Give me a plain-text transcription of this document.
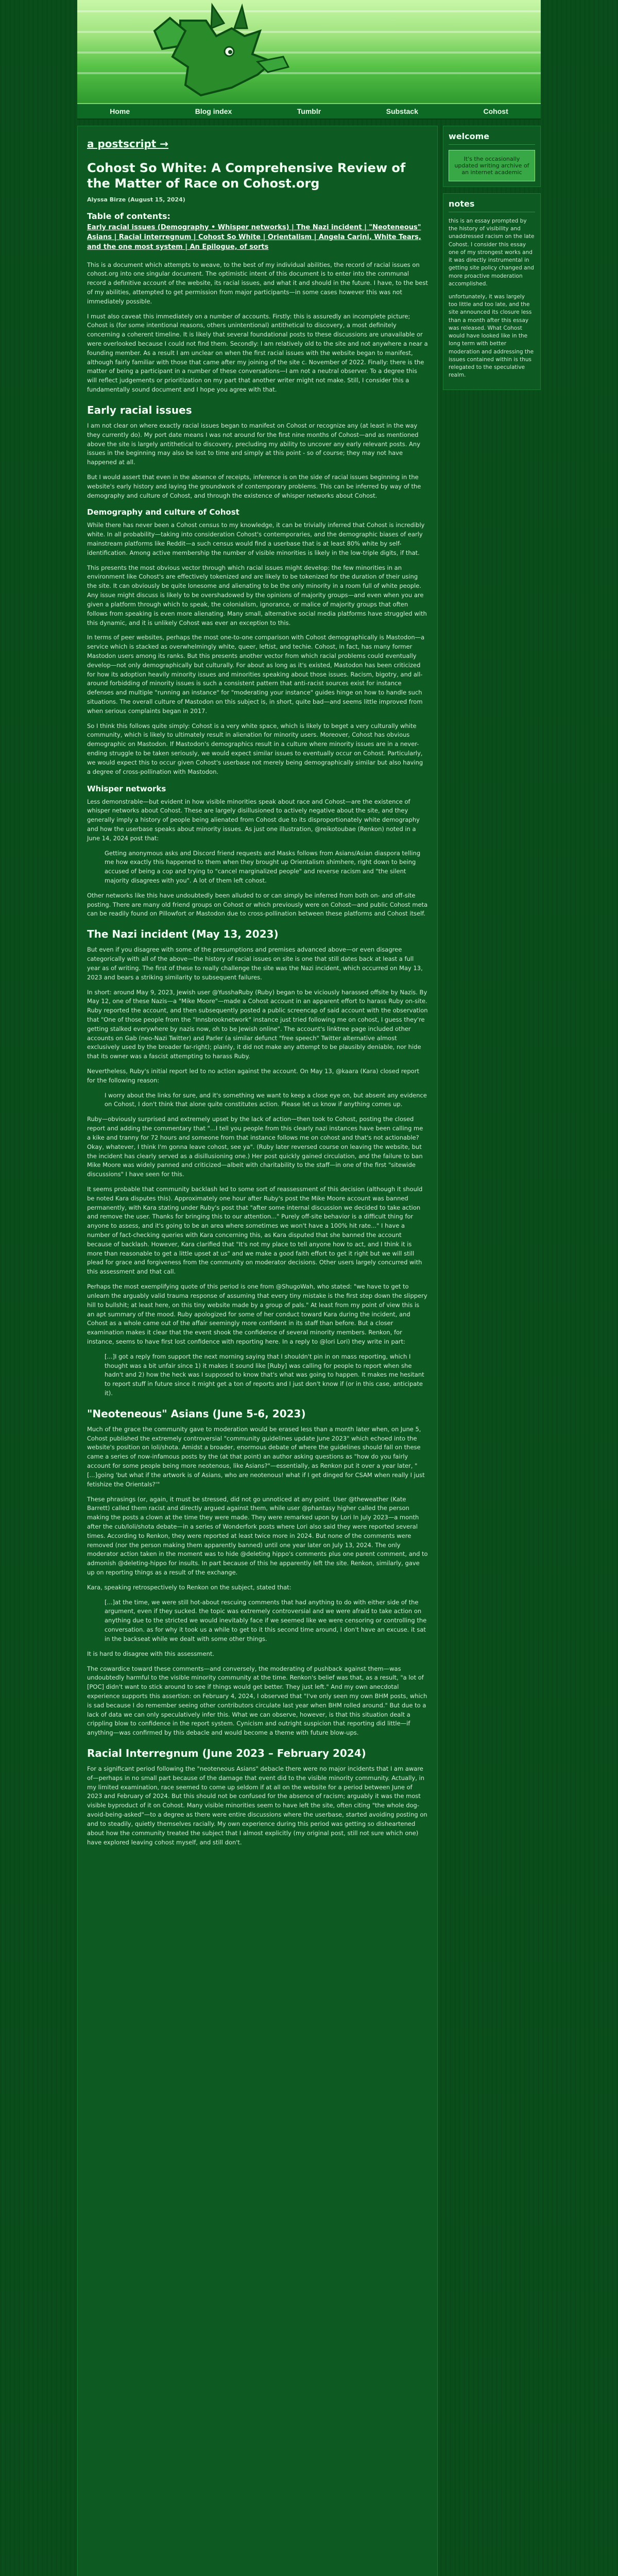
Home	Blog index	Tumblr	Substack	Cohost
a postscript →
Cohost So White: A Comprehensive Review of the Matter of Race on Cohost.org
Alyssa Birze (August 15, 2024)
Table of contents:
Early racial issues (Demography • Whisper networks) | The Nazi incident | "Neoteneous" Asians | Racial interregnum | Cohost So White | Orientalism | Angela Carini, White Tears, and the one most system | An Epilogue, of sorts

This is a document which attempts to weave, to the best of my individual abilities, the record of racial issues on cohost.org into one singular document. The optimistic intent of this document is to enter into the communal record a definitive account of the website, its racial issues, and what it and should in the future. I have, to the best of my abilities, attempted to get permission from major participants—in some cases however this was not immediately possible.

I must also caveat this immediately on a number of accounts. Firstly: this is assuredly an incomplete picture; Cohost is (for some intentional reasons, others unintentional) antithetical to discovery, a most definitely concerning a coherent timeline. It is likely that several foundational posts to these discussions are unavailable or were overlooked because I could not find them. Secondly: I am relatively old to the site and not anywhere a near a founding member. As a result I am unclear on when the first racial issues with the website began to manifest, although fairly familiar with those that came after my joining of the site c. November of 2022. Finally: there is the matter of being a participant in a number of these conversations—I am not a neutral observer. To a degree this will reflect judgements or prioritization on my part that another writer might not make. Still, I consider this a fundamentally sound document and I hope you agree with that.

Early racial issues

I am not clear on where exactly racial issues began to manifest on Cohost or recognize any (at least in the way they currently do). My port date means I was not around for the first nine months of Cohost—and as mentioned above the site is largely antithetical to discovery, precluding my ability to uncover any early relevant posts. Any issues in the beginning may also be lost to time and simply at this point - so of course; they may not have happened at all.

But I would assert that even in the absence of receipts, inference is on the side of racial issues beginning in the website's early history and laying the groundwork of contemporary problems. This can be inferred by way of the demography and culture of Cohost, and through the existence of whisper networks about Cohost.

Demography and culture of Cohost

While there has never been a Cohost census to my knowledge, it can be trivially inferred that Cohost is incredibly white. In all probability—taking into consideration Cohost's contemporaries, and the demographic biases of early mainstream platforms like Reddit—a such census would find a userbase that is at least 80% white by self-identification. Among active membership the number of visible minorities is likely in the low-triple digits, if that.

This presents the most obvious vector through which racial issues might develop: the few minorities in an environment like Cohost's are effectively tokenized and are likely to be tokenized for the duration of their using the site. It can obviously be quite lonesome and alienating to be the only minority in a room full of white people. Any issue might discuss is likely to be overshadowed by the opinions of majority groups—and even when you are given a platform through which to speak, the colonialism, ignorance, or malice of majority groups that often follows from speaking is even more alienating. Many small, alternative social media platforms have struggled with this dynamic, and it is unlikely Cohost was ever an exception to this.

In terms of peer websites, perhaps the most one-to-one comparison with Cohost demographically is Mastodon—a service which is stacked as overwhelmingly white, queer, leftist, and techie. Cohost, in fact, has many former Mastodon users among its ranks. But this presents another vector from which racial problems could eventually develop—not only demographically but culturally. For about as long as it's existed, Mastodon has been criticized for how its adoption heavily minority issues and minorities speaking about those issues. Racism, bigotry, and all-around forbidding of minority issues is such a consistent pattern that anti-racist sources exist for instance defenses and multiple "running an instance" for "moderating your instance" guides hinge on how to handle such situations. The overall culture of Mastodon on this subject is, in short, quite bad—and seems little improved from when serious complaints began in 2017.

So I think this follows quite simply: Cohost is a very white space, which is likely to beget a very culturally white community, which is likely to ultimately result in alienation for minority users. Moreover, Cohost has obvious demographic on Mastodon. If Mastodon's demographics result in a culture where minority issues are in a never-ending struggle to be taken seriously, we would expect similar issues to eventually occur on Cohost. Particularly, we would expect this to occur given Cohost's userbase not merely being demographically similar but also having a degree of cross-pollination with Mastodon.

Whisper networks

Less demonstrable—but evident in how visible minorities speak about race and Cohost—are the existence of whisper networks about Cohost. These are largely disillusioned to actively negative about the site, and they generally imply a history of people being alienated from Cohost due to its disproportionately white demography and how the userbase speaks about minority issues. As just one illustration, @reikotoubae (Renkon) noted in a June 14, 2024 post that:

Getting anonymous asks and Discord friend requests and Masks follows from Asians/Asian diaspora telling me how exactly this happened to them when they brought up Orientalism shimhere, right down to being accused of being a cop and trying to "cancel marginalized people" and reverse racism and "the silent majority disagrees with you". A lot of them left cohost.

Other networks like this have undoubtedly been alluded to or can simply be inferred from both on- and off-site posting. There are many old friend groups on Cohost or which previously were on Cohost—and public Cohost meta can be readily found on Pillowfort or Mastodon due to cross-pollination between these platforms and Cohost itself.

The Nazi incident (May 13, 2023)

But even if you disagree with some of the presumptions and premises advanced above—or even disagree categorically with all of the above—the history of racial issues on site is one that still dates back at least a full year as of writing. The first of these to really challenge the site was the Nazi incident, which occurred on May 13, 2023 and bears a striking similarity to subsequent failures.

In short: around May 9, 2023, Jewish user @YusshaRuby (Ruby) began to be viciously harassed offsite by Nazis. By May 12, one of these Nazis—a "Mike Moore"—made a Cohost account in an apparent effort to harass Ruby on-site. Ruby reported the account, and then subsequently posted a public screencap of said account with the observation that "One of those people from the "Innsbrooknetwork" instance just tried following me on cohost, I guess they're getting stalked everywhere by nazis now, oh to be Jewish online". The account's linktree page included other accounts on Gab (neo-Nazi Twitter) and Parler (a similar defunct "free speech" Twitter alternative almost exclusively used by the broader far-right); plainly, it did not make any attempt to be plausibly deniable, nor hide that its owner was a fascist attempting to harass Ruby.

Nevertheless, Ruby's initial report led to no action against the account. On May 13, @kaara (Kara) closed report for the following reason:

I worry about the links for sure, and it's something we want to keep a close eye on, but absent any evidence on Cohost, I don't think that alone quite constitutes action. Please let us know if anything comes up.

Ruby—obviously surprised and extremely upset by the lack of action—then took to Cohost, posting the closed report and adding the commentary that "...I tell you people from this clearly nazi instances have been calling me a kike and tranny for 72 hours and someone from that instance follows me on cohost and that's not actionable? Okay, whatever, I think I'm gonna leave cohost, see ya". (Ruby later reversed course on leaving the website, but the incident has clearly served as a disillusioning one.) Her post quickly gained circulation, and the failure to ban Mike Moore was widely panned and criticized—albeit with charitability to the staff—in one of the first "sitewide discussions" I have seen for this.

It seems probable that community backlash led to some sort of reassessment of this decision (although it should be noted Kara disputes this). Approximately one hour after Ruby's post the Mike Moore account was banned permanently, with Kara stating under Ruby's post that "after some internal discussion we decided to take action and remove the user. Thanks for bringing this to our attention..." Purely off-site behavior is a difficult thing for anyone to assess, and it's going to be an area where sometimes we won't have a 100% hit rate..." I have a number of fact-checking queries with Kara concerning this, as Kara disputed that she banned the account because of backlash. However, Kara clarified that "It's not my place to tell anyone how to act, and I think it is more than reasonable to get a little upset at us" and we make a good faith effort to get it right but we will still plead for grace and forgiveness from the community on moderator decisions. Other users largely concurred with this assessment and that call.

Perhaps the most exemplifying quote of this period is one from @ShugoWah, who stated: "we have to get to unlearn the arguably valid trauma response of assuming that every tiny mistake is the first step down the slippery hill to bullshit; at least here, on this tiny website made by a group of pals." At least from my point of view this is an apt summary of the mood. Ruby apologized for some of her conduct toward Kara during the incident, and Cohost as a whole came out of the affair seemingly more confident in its staff than before. But a closer examination makes it clear that the event shook the confidence of several minority members. Renkon, for instance, seems to have first lost confidence with reporting here. In a reply to @lori Lori) they write in part:

[...]I got a reply from support the next morning saying that I shouldn't pin in on mass reporting, which I thought was a bit unfair since 1) it makes it sound like [Ruby] was calling for people to report when she hadn't and 2) how the heck was I supposed to know that's what was going to happen. It makes me hesitant to report stuff in future since it might get a ton of reports and I just don't know if (or in this case, anticipate it).
"Neoteneous" Asians (June 5-6, 2023)

Much of the grace the community gave to moderation would be erased less than a month later when, on June 5, Cohost published the extremely controversial "community guidelines update June 2023" which echoed into the website's position on loli/shota. Amidst a broader, enormous debate of where the guidelines should fall on these came a series of now-infamous posts by the (at that point) an author asking questions as "how do you fairly account for some people being more neotenous, like Asians?"—essentially, as Renkon put it over a year later, "[...]going 'but what if the artwork is of Asians, who are neotenous! what if I get dinged for CSAM when really I just fetishize the Orientals?'"

These phrasings (or, again, it must be stressed, did not go unnoticed at any point. User @theweather (Kate Barrett) called them racist and directly argued against them, while user @phantasy higher called the person making the posts a clown at the time they were made. They were remarked upon by Lori In July 2023—a month after the cub/loli/shota debate—in a series of Wonderfork posts where Lori also said they were reported several times. According to Renkon, they were reported at least twice more in 2024. But none of the comments were removed (nor the person making them apparently banned) until one year later on July 13, 2024. The only moderator action taken in the moment was to hide @deleting hippo's comments plus one parent comment, and to admonish @deleting-hippo for insults. In part because of this he apparently left the site. Renkon, similarly, gave up on reporting things as a result of the exchange.

Kara, speaking retrospectively to Renkon on the subject, stated that:

[...]at the time, we were still hot-about rescuing comments that had anything to do with either side of the argument, even if they sucked. the topic was extremely controversial and we were afraid to take action on anything due to the stricted we would inevitably face if we seemed like we were censoring or controlling the conversation. as for why it took us a while to get to it this second time around, I don't have an excuse. it sat in the backseat while we dealt with some other things.

It is hard to disagree with this assessment.

The cowardice toward these comments—and conversely, the moderating of pushback against them—was undoubtedly harmful to the visible minority community at the time. Renkon's belief was that, as a result, "a lot of [POC] didn't want to stick around to see if things would get better. They just left." And my own anecdotal experience supports this assertion: on February 4, 2024, I observed that "I've only seen my own BHM posts, which is sad because I do remember seeing other contributors circulate last year when BHM rolled around." But due to a lack of data we can only speculatively infer this. What we can observe, however, is that this situation dealt a crippling blow to confidence in the report system. Cynicism and outright suspicion that reporting did little—if anything—was confirmed by this debacle and would become a theme with future blow-ups.

Racial Interregnum (June 2023 – February 2024)

For a significant period following the "neoteneous Asians" debacle there were no major incidents that I am aware of—perhaps in no small part because of the damage that event did to the visible minority community. Actually, in my limited examination, race seemed to come up seldom if at all on the website for a period between June of 2023 and February of 2024. But this should not be confused for the absence of racism; arguably it was the most visible byproduct of it on Cohost. Many visible minorities seem to have left the site, often citing "the whole dog-avoid-being-asked"—to a degree as there were entire discussions where the userbase, started avoiding posting on and to steadily, quietly themselves racially. My own experience during this period was getting so disheartened about how the community treated the subject that I almost explicitly (my original post, still not sure which one) have explored leaving cohost myself, and still don't.

welcome
It's the occasionally updated writing archive of an internet academic
notes

this is an essay prompted by the history of visibility and unaddressed racism on the late Cohost. I consider this essay one of my strongest works and it was directly instrumental in getting site policy changed and more proactive moderation accomplished.

unfortunately, it was largely too little and too late, and the site announced its closure less than a month after this essay was released. What Cohost would have looked like in the long term with better moderation and addressing the issues contained within is thus relegated to the speculative realm.
